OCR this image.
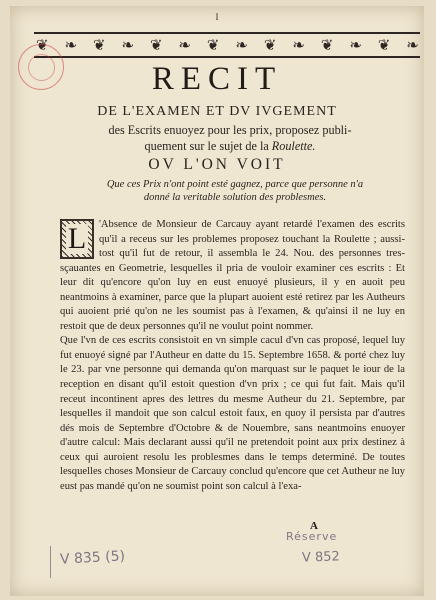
I
❦ ❧ ❦ ❧ ❦ ❧ ❦ ❧ ❦ ❧ ❦ ❧ ❦ ❧
RECIT
DE L'EXAMEN ET DV IVGEMENT
des Escrits enuoyez pour les prix, proposez publi-
quement sur le sujet de la Roulette.
OV L'ON VOIT
Que ces Prix n'ont point esté gagnez, parce que personne n'a
donné la veritable solution des problesmes.
L	'Absence de Monsieur de Carcauy ayant retardé l'examen des escrits qu'il a receus sur les problemes proposez touchant la Roulette ; aussi-tost qu'il fut de retour, il assembla le 24. Nou. des personnes tres-sçauantes en Geometrie, lesquelles il pria de vouloir examiner ces escrits : Et leur dit qu'encore qu'on luy en eust enuoyé plusieurs, il y en auoit peu neantmoins à examiner, parce que la plupart auoient esté retirez par les Autheurs qui auoient prié qu'on ne les soumist pas à l'examen, & qu'ainsi il ne luy en restoit que de deux personnes qu'il ne voulut point nommer.

Que l'vn de ces escrits consistoit en vn simple cacul d'vn cas proposé, lequel luy fut enuoyé signé par l'Autheur en datte du 15. Septembre 1658. & porté chez luy le 23. par vne personne qui demanda qu'on marquast sur le paquet le iour de la reception en disant qu'il estoit question d'vn prix ; ce qui fut fait. Mais qu'il receut incontinent apres des lettres du mesme Autheur du 21. Septembre, par lesquelles il mandoit que son calcul estoit faux, en quoy il persista par d'autres dés mois de Septembre d'Octobre & de Nouembre, sans neantmoins enuoyer d'autre calcul: Mais declarant aussi qu'il ne pretendoit point aux prix destinez à ceux qui auroient resolu les problesmes dans le temps determiné. De toutes lesquelles choses Monsieur de Carcauy conclud qu'encore que cet Autheur ne luy eust pas mandé qu'on ne soumist point son calcul à l'exa-

A
V 835 (5)
Réserve
V 852
